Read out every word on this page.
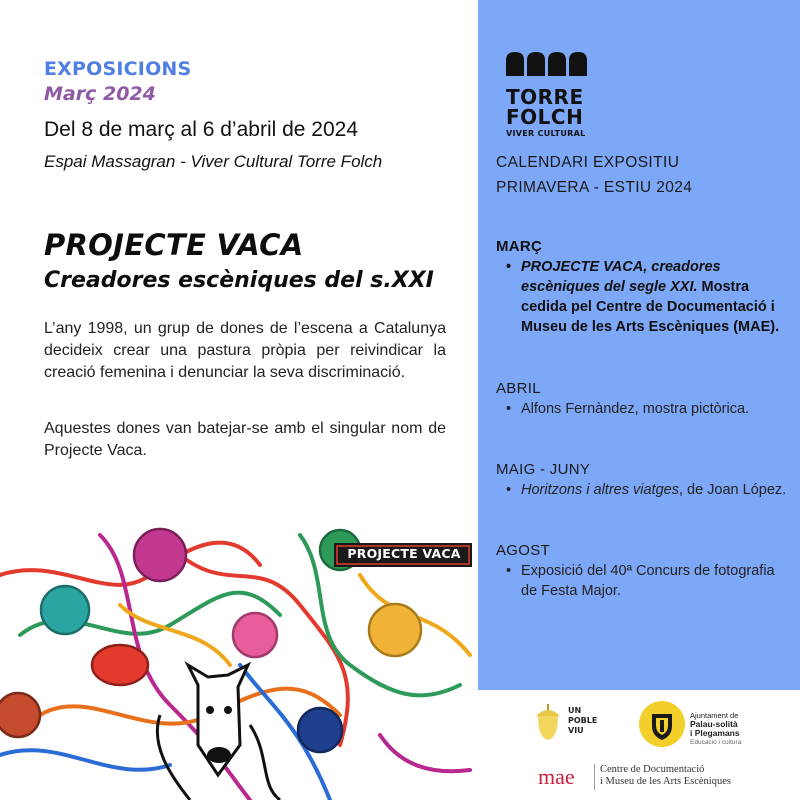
EXPOSICIONS
Març 2024
Del 8 de març al 6 d’abril de 2024
Espai Massagran - Viver Cultural Torre Folch
PROJECTE VACA
Creadores escèniques del s.XXI
L’any 1998, un grup de dones de l’escena a Catalunya decideix crear una pastura pròpia per reivindicar la creació femenina i denunciar la seva discriminació.
Aquestes dones van batejar-se amb el singular nom de Projecte Vaca.
PROJECTE VACA
TORRE
FOLCH
VIVER CULTURAL
CALENDARI EXPOSITIU
PRIMAVERA - ESTIU 2024
MARÇ
• PROJECTE VACA, creadores escèniques del segle XXI. Mostra cedida pel Centre de Documentació i Museu de les Arts Escèniques (MAE).
ABRIL
• Alfons Fernàndez, mostra pictòrica.
MAIG - JUNY
• Horitzons i altres viatges, de Joan López.
AGOST
• Exposició del 40ª Concurs de fotografia de Festa Major.
UN
POBLE
VIU
Ajuntament de
Palau-solità
i Plegamans
Educació i cultura
mae Centre de Documentació
i Museu de les Arts Escèniques
